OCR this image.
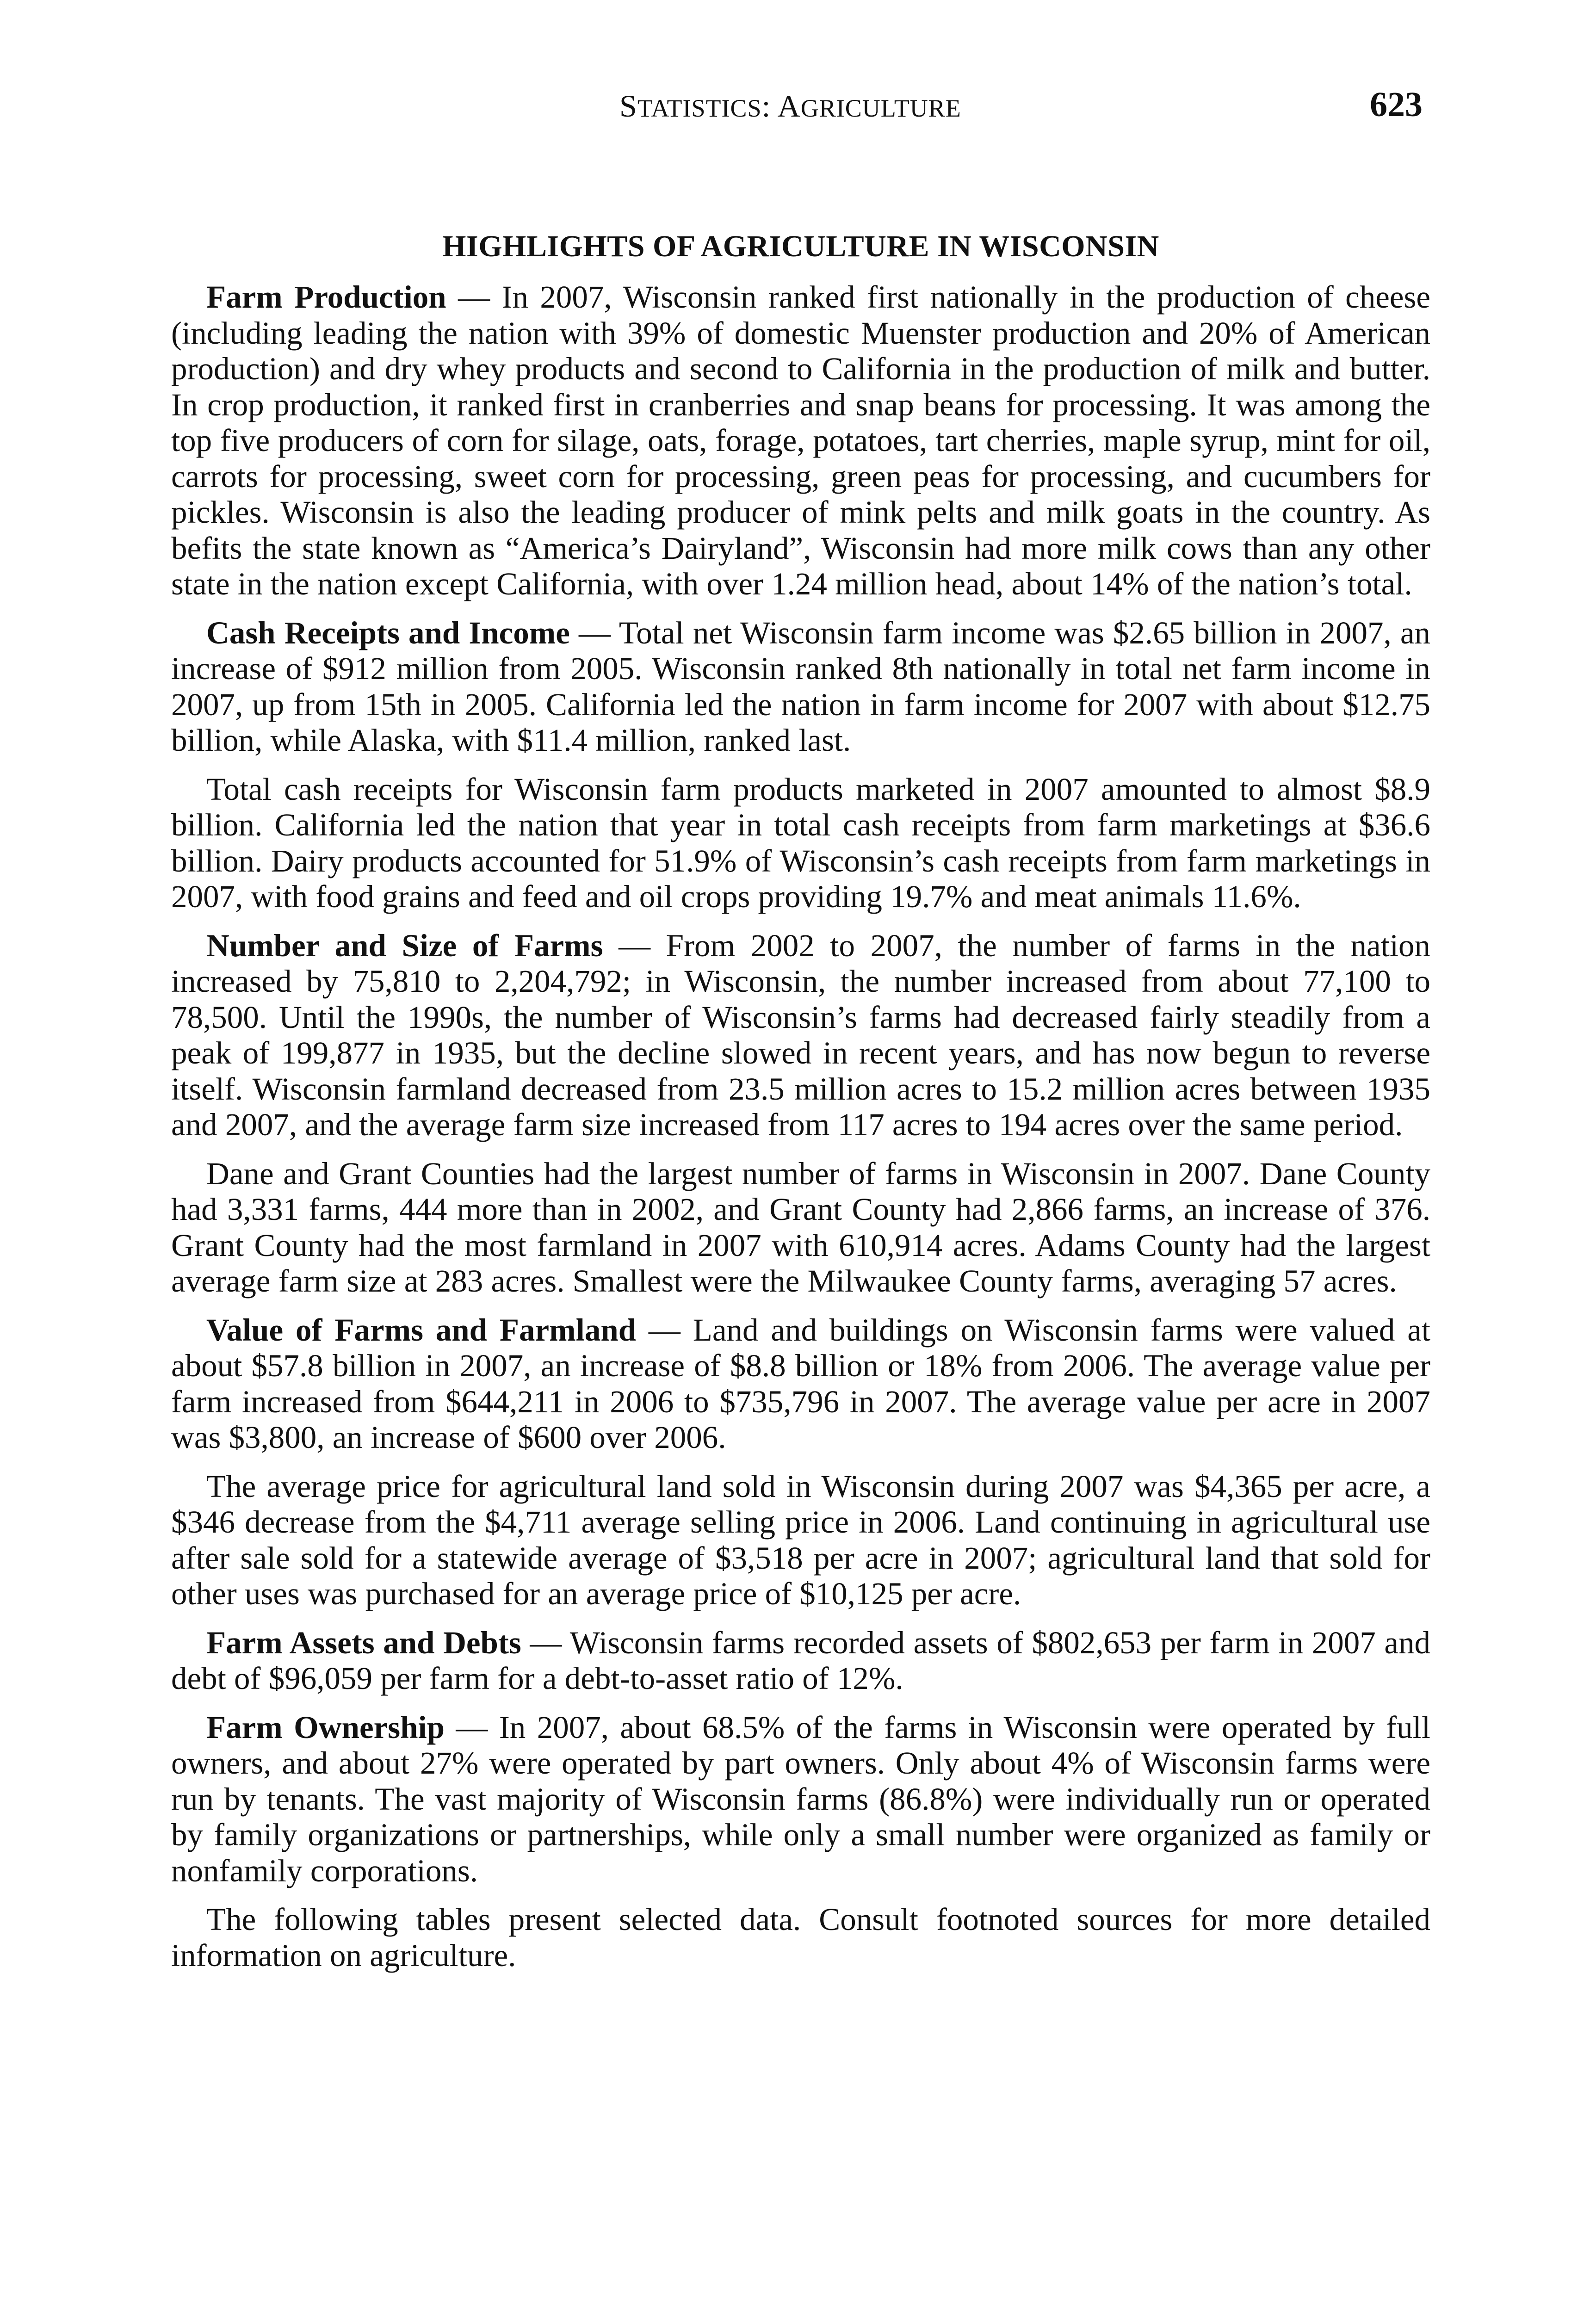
STATISTICS: AGRICULTURE	623
HIGHLIGHTS OF AGRICULTURE IN WISCONSIN

Farm Production — In 2007, Wisconsin ranked first nationally in the production of cheese (including leading the nation with 39% of domestic Muenster production and 20% of American production) and dry whey products and second to California in the production of milk and butter. In crop production, it ranked first in cranberries and snap beans for processing. It was among the top five producers of corn for silage, oats, forage, potatoes, tart cherries, maple syrup, mint for oil, carrots for processing, sweet corn for processing, green peas for processing, and cucumbers for pickles. Wisconsin is also the leading producer of mink pelts and milk goats in the country. As befits the state known as “America’s Dairyland”, Wisconsin had more milk cows than any other state in the nation except California, with over 1.24 million head, about 14% of the nation’s total.

Cash Receipts and Income — Total net Wisconsin farm income was $2.65 billion in 2007, an increase of $912 million from 2005. Wisconsin ranked 8th nationally in total net farm income in 2007, up from 15th in 2005. California led the nation in farm income for 2007 with about $12.75 billion, while Alaska, with $11.4 million, ranked last.

Total cash receipts for Wisconsin farm products marketed in 2007 amounted to almost $8.9 billion. California led the nation that year in total cash receipts from farm marketings at $36.6 billion. Dairy products accounted for 51.9% of Wisconsin’s cash receipts from farm marketings in 2007, with food grains and feed and oil crops providing 19.7% and meat animals 11.6%.

Number and Size of Farms — From 2002 to 2007, the number of farms in the nation increased by 75,810 to 2,204,792; in Wisconsin, the number increased from about 77,100 to 78,500. Until the 1990s, the number of Wisconsin’s farms had decreased fairly steadily from a peak of 199,877 in 1935, but the decline slowed in recent years, and has now begun to reverse itself. Wisconsin farmland decreased from 23.5 million acres to 15.2 million acres between 1935 and 2007, and the average farm size increased from 117 acres to 194 acres over the same period.

Dane and Grant Counties had the largest number of farms in Wisconsin in 2007. Dane County had 3,331 farms, 444 more than in 2002, and Grant County had 2,866 farms, an increase of 376. Grant County had the most farmland in 2007 with 610,914 acres. Adams County had the largest average farm size at 283 acres. Smallest were the Milwaukee County farms, averaging 57 acres.

Value of Farms and Farmland — Land and buildings on Wisconsin farms were valued at about $57.8 billion in 2007, an increase of $8.8 billion or 18% from 2006. The average value per farm increased from $644,211 in 2006 to $735,796 in 2007. The average value per acre in 2007 was $3,800, an increase of $600 over 2006.

The average price for agricultural land sold in Wisconsin during 2007 was $4,365 per acre, a $346 decrease from the $4,711 average selling price in 2006. Land continuing in agricultural use after sale sold for a statewide average of $3,518 per acre in 2007; agricultural land that sold for other uses was purchased for an average price of $10,125 per acre.

Farm Assets and Debts — Wisconsin farms recorded assets of $802,653 per farm in 2007 and debt of $96,059 per farm for a debt-to-asset ratio of 12%.

Farm Ownership — In 2007, about 68.5% of the farms in Wisconsin were operated by full owners, and about 27% were operated by part owners. Only about 4% of Wisconsin farms were run by tenants. The vast majority of Wisconsin farms (86.8%) were individually run or operated by family organizations or partnerships, while only a small number were organized as family or nonfamily corporations.

The following tables present selected data. Consult footnoted sources for more detailed information on agriculture.
